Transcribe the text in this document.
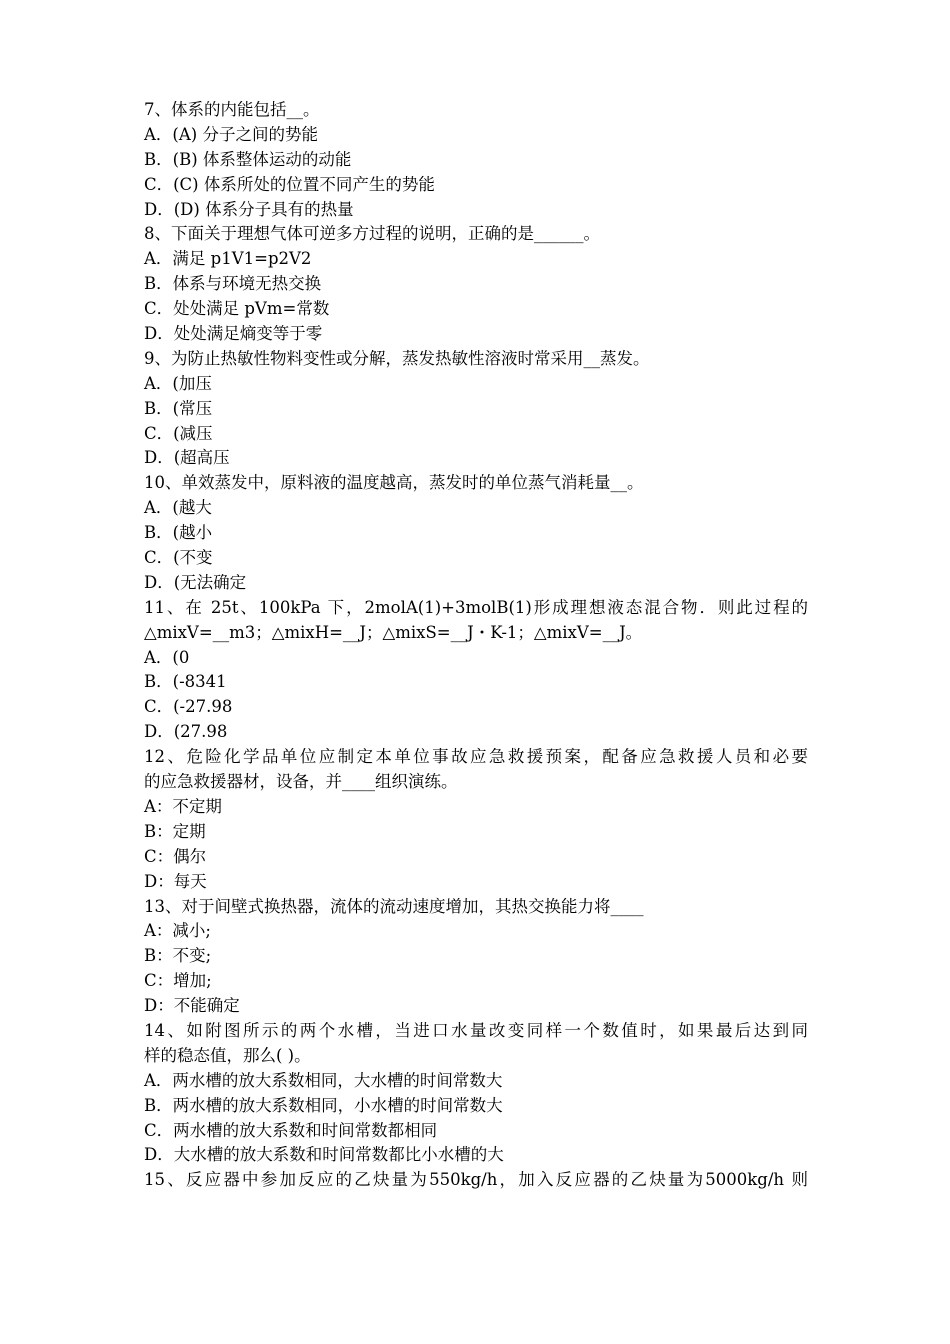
7、体系的内能包括__。
A．(A) 分子之间的势能
B．(B) 体系整体运动的动能
C．(C) 体系所处的位置不同产生的势能
D．(D) 体系分子具有的热量
8、下面关于理想气体可逆多方过程的说明，正确的是______。
A．满足 p1V1=p2V2
B．体系与环境无热交换
C．处处满足 pVm=常数
D．处处满足熵变等于零
9、为防止热敏性物料变性或分解，蒸发热敏性溶液时常采用__蒸发。
A．(加压
B．(常压
C．(减压
D．(超高压
10、单效蒸发中，原料液的温度越高，蒸发时的单位蒸气消耗量__。
A．(越大
B．(越小
C．(不变
D．(无法确定
11、在 25t、100kPa 下，2molA(1)+3molB(1)形成理想液态混合物．则此过程的
△mixV=__m3；△mixH=__J；△mixS=__J・K-1；△mixV=__J。
A．(0
B．(-8341
C．(-27.98
D．(27.98
12、危险化学品单位应制定本单位事故应急救援预案，配备应急救援人员和必要
的应急救援器材，设备，并____组织演练。
A：不定期
B：定期
C：偶尔
D：每天
13、对于间壁式换热器，流体的流动速度增加，其热交换能力将____
A：减小;
B：不变;
C：增加;
D：不能确定
14、如附图所示的两个水槽，当进口水量改变同样一个数值时，如果最后达到同
样的稳态值，那么( )。
A．两水槽的放大系数相同，大水槽的时间常数大
B．两水槽的放大系数相同，小水槽的时间常数大
C．两水槽的放大系数和时间常数都相同
D．大水槽的放大系数和时间常数都比小水槽的大
15、反应器中参加反应的乙炔量为550kg/h，加入反应器的乙炔量为5000kg/h 则
